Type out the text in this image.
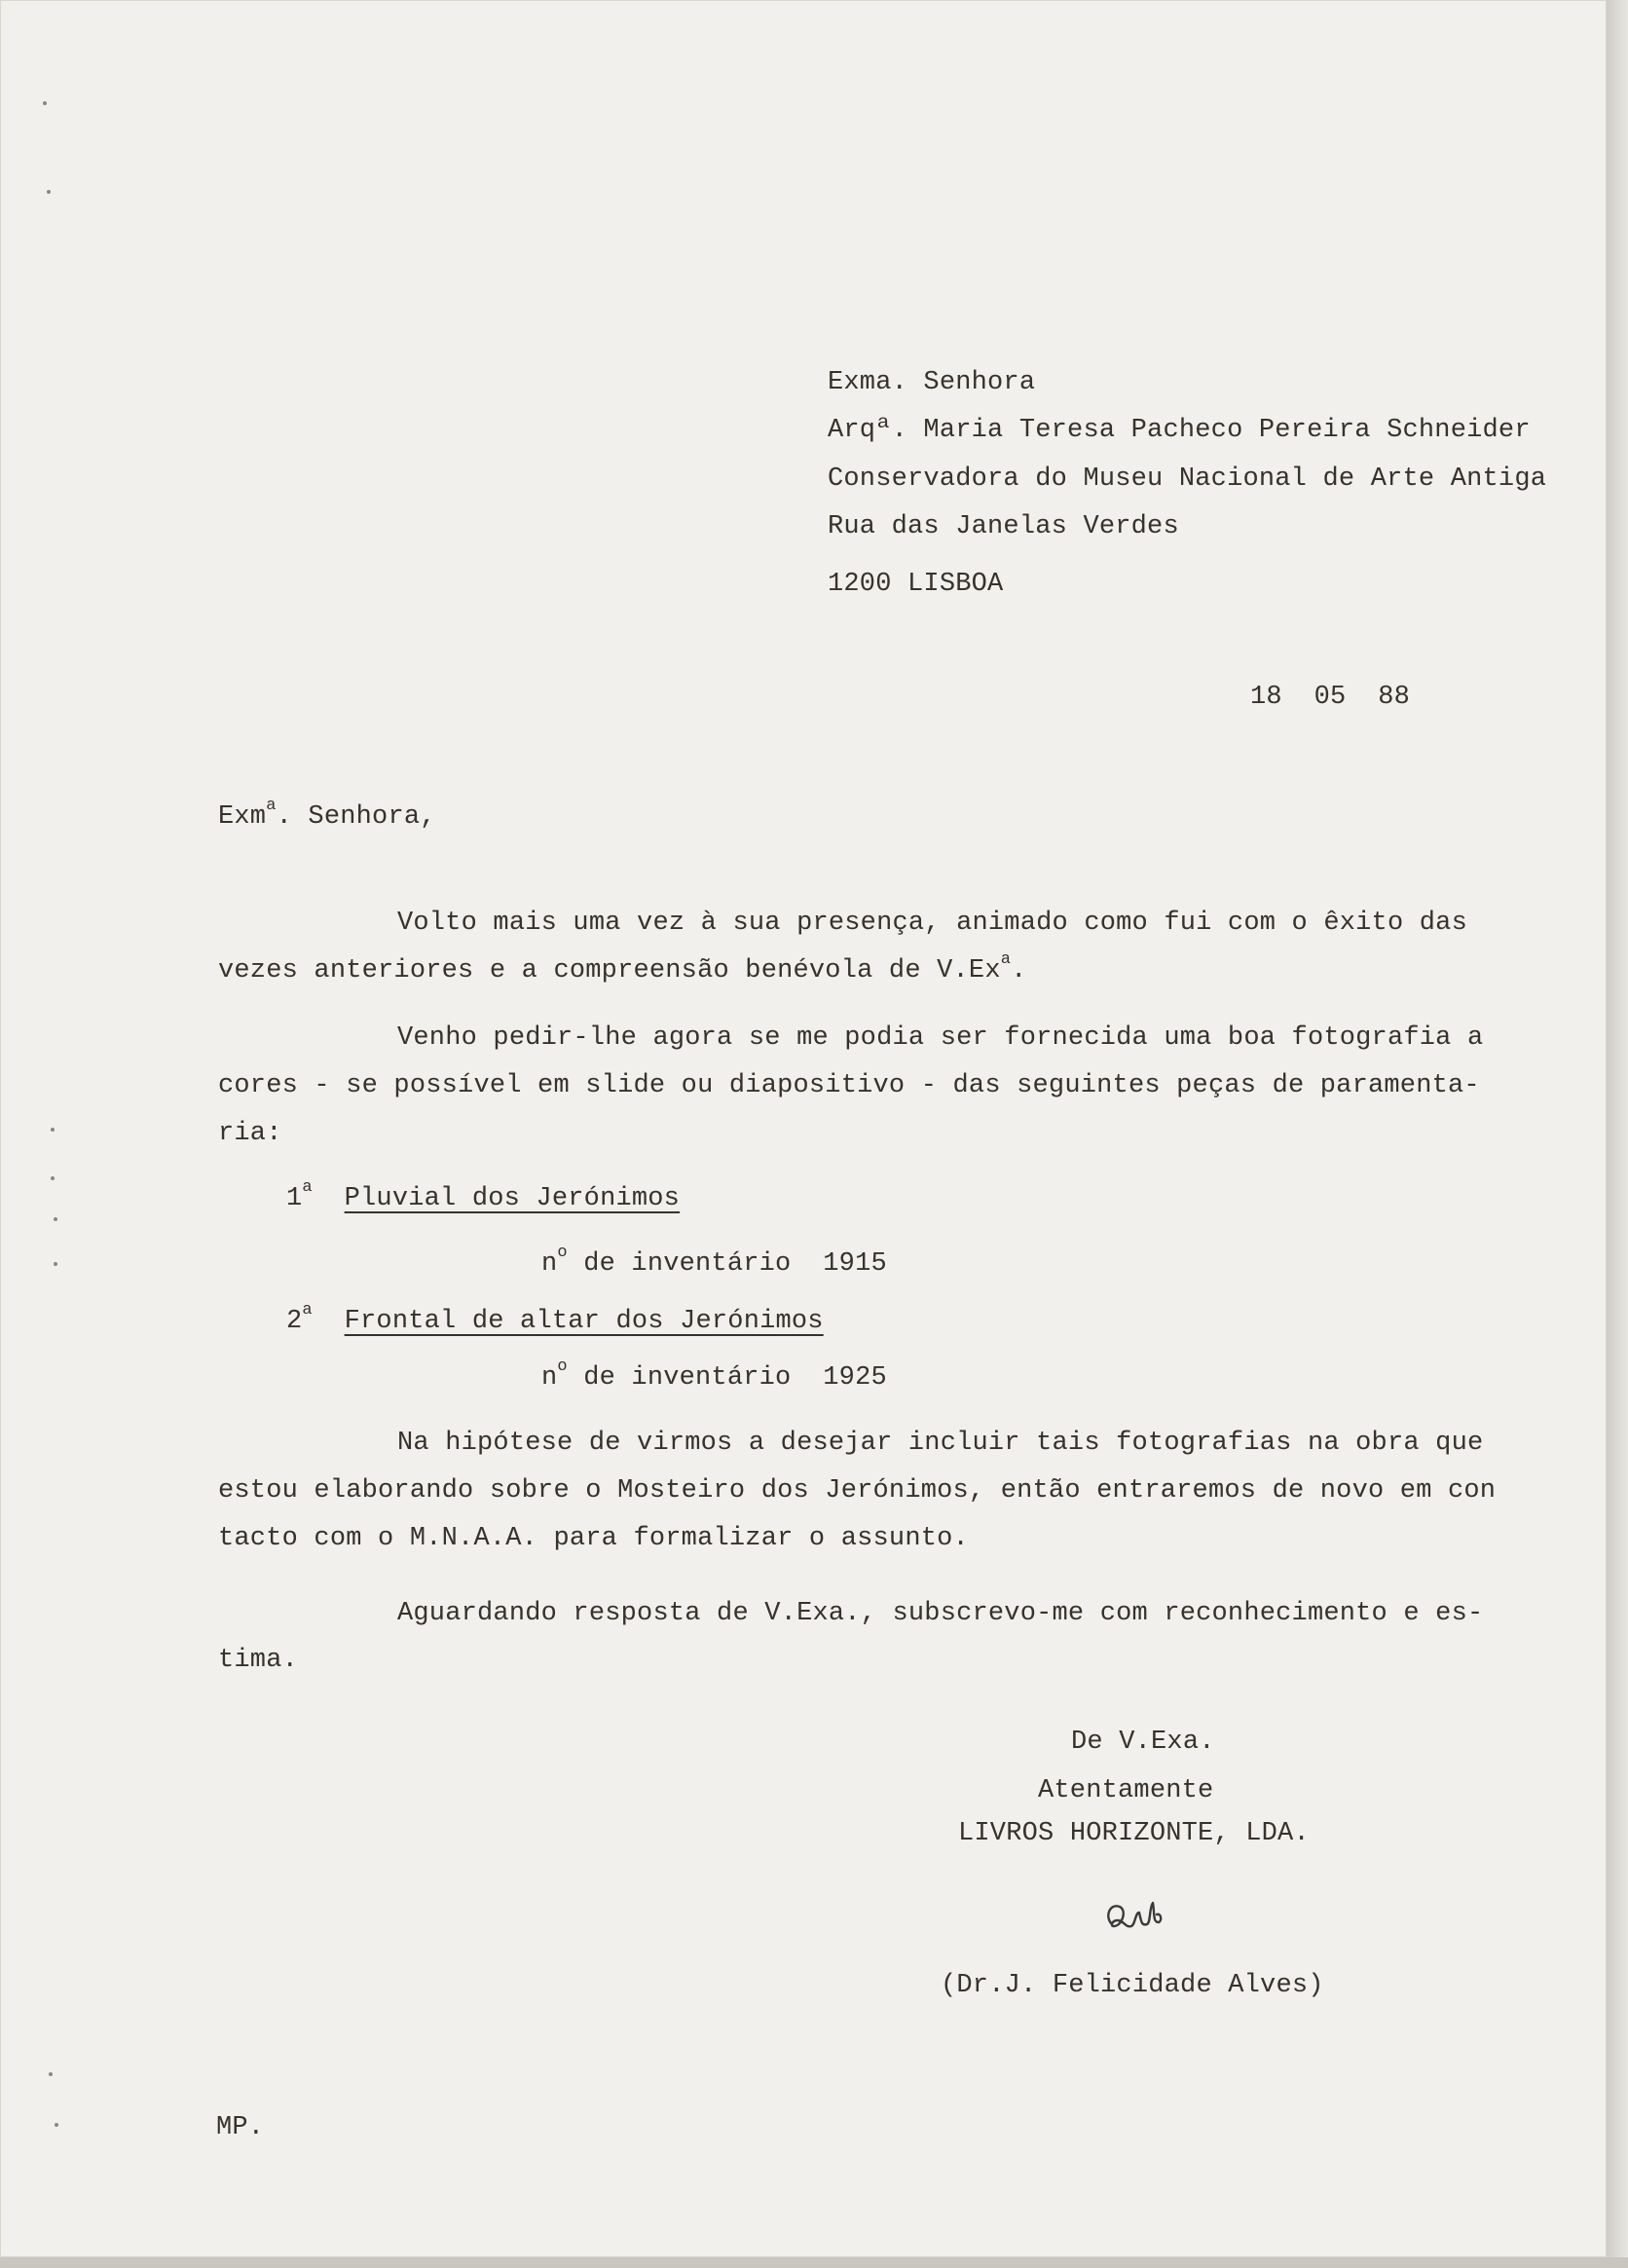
Exma. Senhora

Arqª. Maria Teresa Pacheco Pereira Schneider

Conservadora do Museu Nacional de Arte Antiga

Rua das Janelas Verdes

1200 LISBOA

18  05  88

Exm$^a$. Senhora,

Volto mais uma vez à sua presença, animado como fui com o êxito das

vezes anteriores e a compreensão benévola de V.Ex$^a$.

Venho pedir-lhe agora se me podia ser fornecida uma boa fotografia a

cores - se possível em slide ou diapositivo - das seguintes peças de paramenta-

ria:

1$^a$ Pluvial dos Jerónimos

$n^o$ de inventário 1915

2$^a$ Frontal de altar dos Jerónimos

$n^o$ de inventário 1925

Na hipótese de virmos a desejar incluir tais fotografias na obra que

estou elaborando sobre o Mosteiro dos Jerónimos, então entraremos de novo em con

tacto com o M.N.A.A. para formalizar o assunto.

Aguardando resposta de V.Exa., subscrevo-me com reconhecimento e es-

tima.

De V.Exa.

Atentamente

LIVROS HORIZONTE, LDA.

(Dr.J. Felicidade Alves)

MP.
